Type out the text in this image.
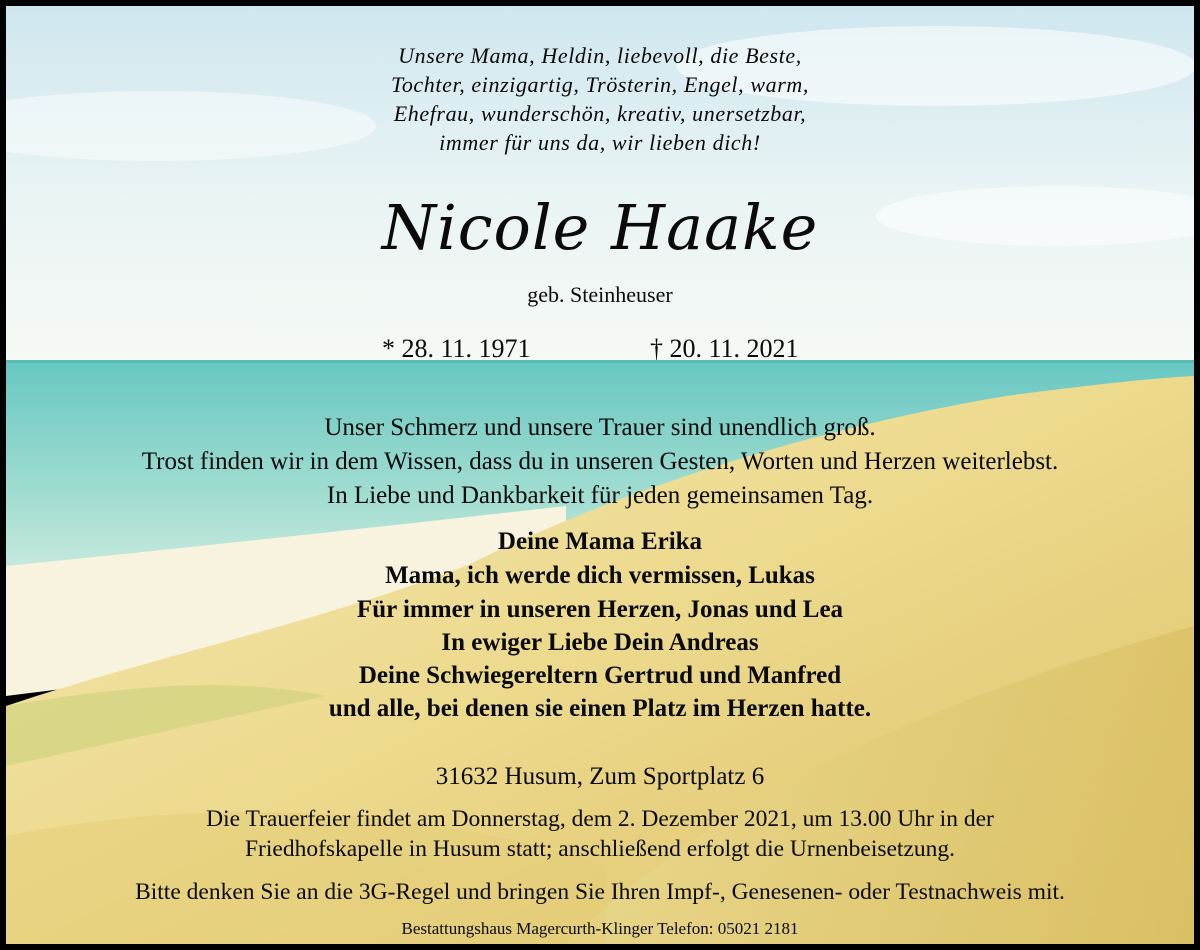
Unsere Mama, Heldin, liebevoll, die Beste,
Tochter, einzigartig, Trösterin, Engel, warm,
Ehefrau, wunderschön, kreativ, unersetzbar,
immer für uns da, wir lieben dich!
Nicole Haake
geb. Steinheuser
* 28. 11. 1971	† 20. 11. 2021
Unser Schmerz und unsere Trauer sind unendlich groß.
Trost finden wir in dem Wissen, dass du in unseren Gesten, Worten und Herzen weiterlebst.
In Liebe und Dankbarkeit für jeden gemeinsamen Tag.
Deine Mama Erika
Mama, ich werde dich vermissen, Lukas
Für immer in unseren Herzen, Jonas und Lea
In ewiger Liebe Dein Andreas
Deine Schwiegereltern Gertrud und Manfred
und alle, bei denen sie einen Platz im Herzen hatte.
31632 Husum, Zum Sportplatz 6
Die Trauerfeier findet am Donnerstag, dem 2. Dezember 2021, um 13.00 Uhr in der
Friedhofskapelle in Husum statt; anschließend erfolgt die Urnenbeisetzung.
Bitte denken Sie an die 3G-Regel und bringen Sie Ihren Impf-, Genesenen- oder Testnachweis mit.
Bestattungshaus Magercurth-Klinger Telefon: 05021 2181
